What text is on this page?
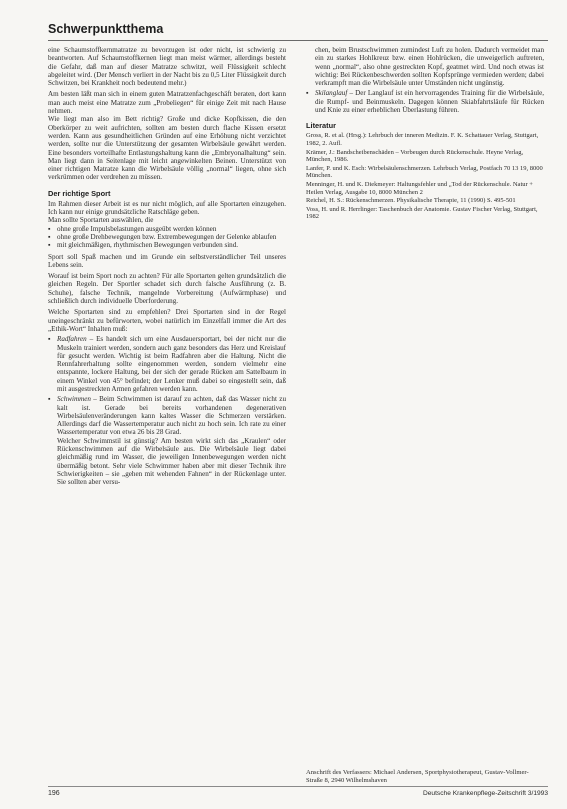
Schwerpunktthema

eine Schaumstoffkernmatratze zu bevorzugen ist oder nicht, ist schwierig zu beantworten. Auf Schaumstoffkernen liegt man meist wärmer, allerdings besteht die Gefahr, daß man auf dieser Matratze schwitzt, weil Flüssigkeit schlecht abgeleitet wird. (Der Mensch verliert in der Nacht bis zu 0,5 Liter Flüssigkeit durch Schwitzen, bei Krankheit noch bedeutend mehr.)

Am besten läßt man sich in einem guten Matratzenfachgeschäft beraten, dort kann man auch meist eine Matratze zum „Probeliegen“ für einige Zeit mit nach Hause nehmen.

Wie liegt man also im Bett richtig? Große und dicke Kopfkissen, die den Oberkörper zu weit aufrichten, sollten am besten durch flache Kissen ersetzt werden. Kann aus gesundheitlichen Gründen auf eine Erhöhung nicht verzichtet werden, sollte nur die Unterstützung der gesamten Wirbelsäule gewährt werden. Eine besonders vorteilhafte Entlastungshaltung kann die „Embryonalhaltung“ sein. Man liegt dann in Seitenlage mit leicht angewinkelten Beinen. Unterstützt von einer richtigen Matratze kann die Wirbelsäule völlig „normal“ liegen, ohne sich verkrümmen oder verdrehen zu müssen.

Der richtige Sport

Im Rahmen dieser Arbeit ist es nur nicht möglich, auf alle Sportarten einzugehen. Ich kann nur einige grundsätzliche Ratschläge geben.

Man sollte Sportarten auswählen, die

▪ ohne große Impulsbelastungen ausgeübt werden können
▪ ohne große Drehbewegungen bzw. Extrembewegungen der Gelenke ablaufen
▪ mit gleichmäßigen, rhythmischen Bewegungen verbunden sind.

Sport soll Spaß machen und im Grunde ein selbstverständlicher Teil unseres Lebens sein.

Worauf ist beim Sport noch zu achten? Für alle Sportarten gelten grundsätzlich die gleichen Regeln. Der Sportler schadet sich durch falsche Ausführung (z. B. Schuhe), falsche Technik, mangelnde Vorbereitung (Aufwärmphase) und schließlich durch individuelle Überforderung.

Welche Sportarten sind zu empfehlen? Drei Sportarten sind in der Regel uneingeschränkt zu befürworten, wobei natürlich im Einzelfall immer die Art des „Ethik-Wort“ Inhalten muß:

▪ Radfahren – Es handelt sich um eine Ausdauersportart, bei der nicht nur die Muskeln trainiert werden, sondern auch ganz besonders das Herz und Kreislauf für gesucht werden. Wichtig ist beim Radfahren aber die Haltung. Nicht die Rennfahrerhaltung sollte eingenommen werden, sondern vielmehr eine entspannte, lockere Haltung, bei der sich der gerade Rücken am Sattelbaum in einem Winkel von 45° befindet; der Lenker muß dabei so eingestellt sein, daß mit ausgestreckten Armen gefahren werden kann.
▪ Schwimmen – Beim Schwimmen ist darauf zu achten, daß das Wasser nicht zu kalt ist. Gerade bei bereits vorhandenen degenerativen Wirbelsäulenveränderungen kann kaltes Wasser die Schmerzen verstärken. Allerdings darf die Wassertemperatur auch nicht zu hoch sein. Ich rate zu einer Wassertemperatur von etwa 26 bis 28 Grad.

Welcher Schwimmstil ist günstig? Am besten wirkt sich das „Kraulen“ oder Rückenschwimmen auf die Wirbelsäule aus. Die Wirbelsäule liegt dabei gleichmäßig rund im Wasser, die jeweiligen Innenbewegungen werden nicht übermäßig betont. Sehr viele Schwimmer haben aber mit dieser Technik ihre Schwierigkeiten – sie „gehen mit wehenden Fahnen“ in der Rückenlage unter. Sie sollten aber versu-

chen, beim Brustschwimmen zumindest Luft zu holen. Dadurch vermeidet man ein zu starkes Hohlkreuz bzw. einen Hohlrücken, die unweigerlich auftreten, wenn „normal“, also ohne gestreckten Kopf, geatmet wird. Und noch etwas ist wichtig: Bei Rückenbeschwerden sollten Kopfsprünge vermieden werden; dabei verkrampft man die Wirbelsäule unter Umständen nicht ungünstig.

▪ Skilanglauf – Der Langlauf ist ein hervorragendes Training für die Wirbelsäule, die Rumpf- und Beinmuskeln. Dagegen können Skiabfahrtsläufe für Rücken und Knie zu einer erheblichen Überlastung führen.
Literatur

Gross, R. et al. (Hrsg.): Lehrbuch der inneren Medizin. F. K. Schattauer Verlag, Stuttgart, 1982, 2. Aufl.

Krämer, J.: Bandscheibenschäden – Vorbeugen durch Rückenschule. Heyne Verlag, München, 1986.

Lanfer, P. und K. Esch: Wirbelsäulenschmerzen. Lehrbuch Verlag, Postfach 70 13 19, 8000 München.

Menninger, H. und K. Diekmeyer: Haltungsfehler und „Tod der Rückenschule. Natur + Heilen Verlag, Ausgabe 10, 8000 München 2

Reichel, H. S.: Rückenschmerzen. Physikalische Therapie, 11 (1990) S. 495-501

Voss, H. und R. Herrlinger: Taschenbuch der Anatomie. Gustav Fischer Verlag, Stuttgart, 1982

Anschrift des Verfassers: Michael Andersen, Sportphysiotherapeut, Gustav-Vollmer-Straße 8, 2940 Wilhelmshaven
196	Deutsche Krankenpflege-Zeitschrift 3/1993
